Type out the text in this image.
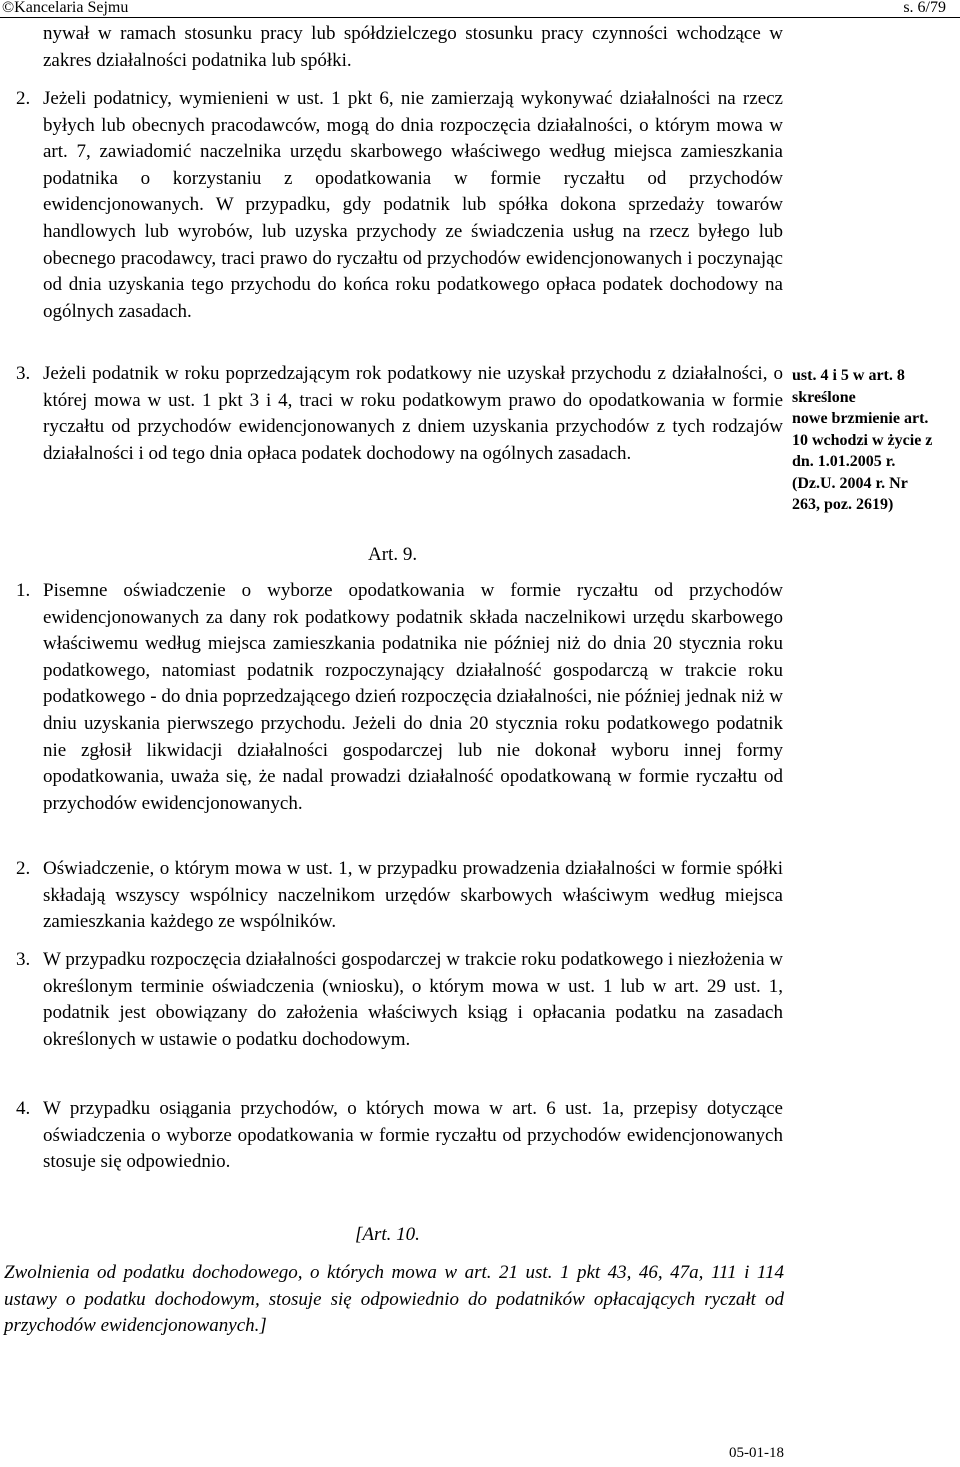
©Kancelaria Sejmu	s. 6/79
nywał w ramach stosunku pracy lub spółdzielczego stosunku pracy czynności wchodzące w zakres działalności podatnika lub spółki.
2. Jeżeli podatnicy, wymienieni w ust. 1 pkt 6, nie zamierzają wykonywać działalności na rzecz byłych lub obecnych pracodawców, mogą do dnia rozpoczęcia działalności, o którym mowa w art. 7, zawiadomić naczelnika urzędu skarbowego właściwego według miejsca zamieszkania podatnika o korzystaniu z opodatkowania w formie ryczałtu od przychodów ewidencjonowanych. W przypadku, gdy podatnik lub spółka dokona sprzedaży towarów handlowych lub wyrobów, lub uzyska przychody ze świadczenia usług na rzecz byłego lub obecnego pracodawcy, traci prawo do ryczałtu od przychodów ewidencjonowanych i poczynając od dnia uzyskania tego przychodu do końca roku podatkowego opłaca podatek dochodowy na ogólnych zasadach.
3. Jeżeli podatnik w roku poprzedzającym rok podatkowy nie uzyskał przychodu z działalności, o której mowa w ust. 1 pkt 3 i 4, traci w roku podatkowym prawo do opodatkowania w formie ryczałtu od przychodów ewidencjonowanych z dniem uzyskania przychodów z tych rodzajów działalności i od tego dnia opłaca podatek dochodowy na ogólnych zasadach.
ust. 4 i 5 w art. 8
skreślone
nowe brzmienie art.
10 wchodzi w życie z
dn. 1.01.2005 r.
(Dz.U. 2004 r. Nr
263, poz. 2619)
Art. 9.
1. Pisemne oświadczenie o wyborze opodatkowania w formie ryczałtu od przychodów ewidencjonowanych za dany rok podatkowy podatnik składa naczelnikowi urzędu skarbowego właściwemu według miejsca zamieszkania podatnika nie później niż do dnia 20 stycznia roku podatkowego, natomiast podatnik rozpoczynający działalność gospodarczą w trakcie roku podatkowego - do dnia poprzedzającego dzień rozpoczęcia działalności, nie później jednak niż w dniu uzyskania pierwszego przychodu. Jeżeli do dnia 20 stycznia roku podatkowego podatnik nie zgłosił likwidacji działalności gospodarczej lub nie dokonał wyboru innej formy opodatkowania, uważa się, że nadal prowadzi działalność opodatkowaną w formie ryczałtu od przychodów ewidencjonowanych.
2. Oświadczenie, o którym mowa w ust. 1, w przypadku prowadzenia działalności w formie spółki składają wszyscy wspólnicy naczelnikom urzędów skarbowych właściwym według miejsca zamieszkania każdego ze wspólników.
3. W przypadku rozpoczęcia działalności gospodarczej w trakcie roku podatkowego i niezłożenia w określonym terminie oświadczenia (wniosku), o którym mowa w ust. 1 lub w art. 29 ust. 1, podatnik jest obowiązany do założenia właściwych ksiąg i opłacania podatku na zasadach określonych w ustawie o podatku dochodowym.
4. W przypadku osiągania przychodów, o których mowa w art. 6 ust. 1a, przepisy dotyczące oświadczenia o wyborze opodatkowania w formie ryczałtu od przychodów ewidencjonowanych stosuje się odpowiednio.
[Art. 10.
Zwolnienia od podatku dochodowego, o których mowa w art. 21 ust. 1 pkt 43, 46, 47a, 111 i 114 ustawy o podatku dochodowym, stosuje się odpowiednio do podatników opłacających ryczałt od przychodów ewidencjonowanych.]
05-01-18
